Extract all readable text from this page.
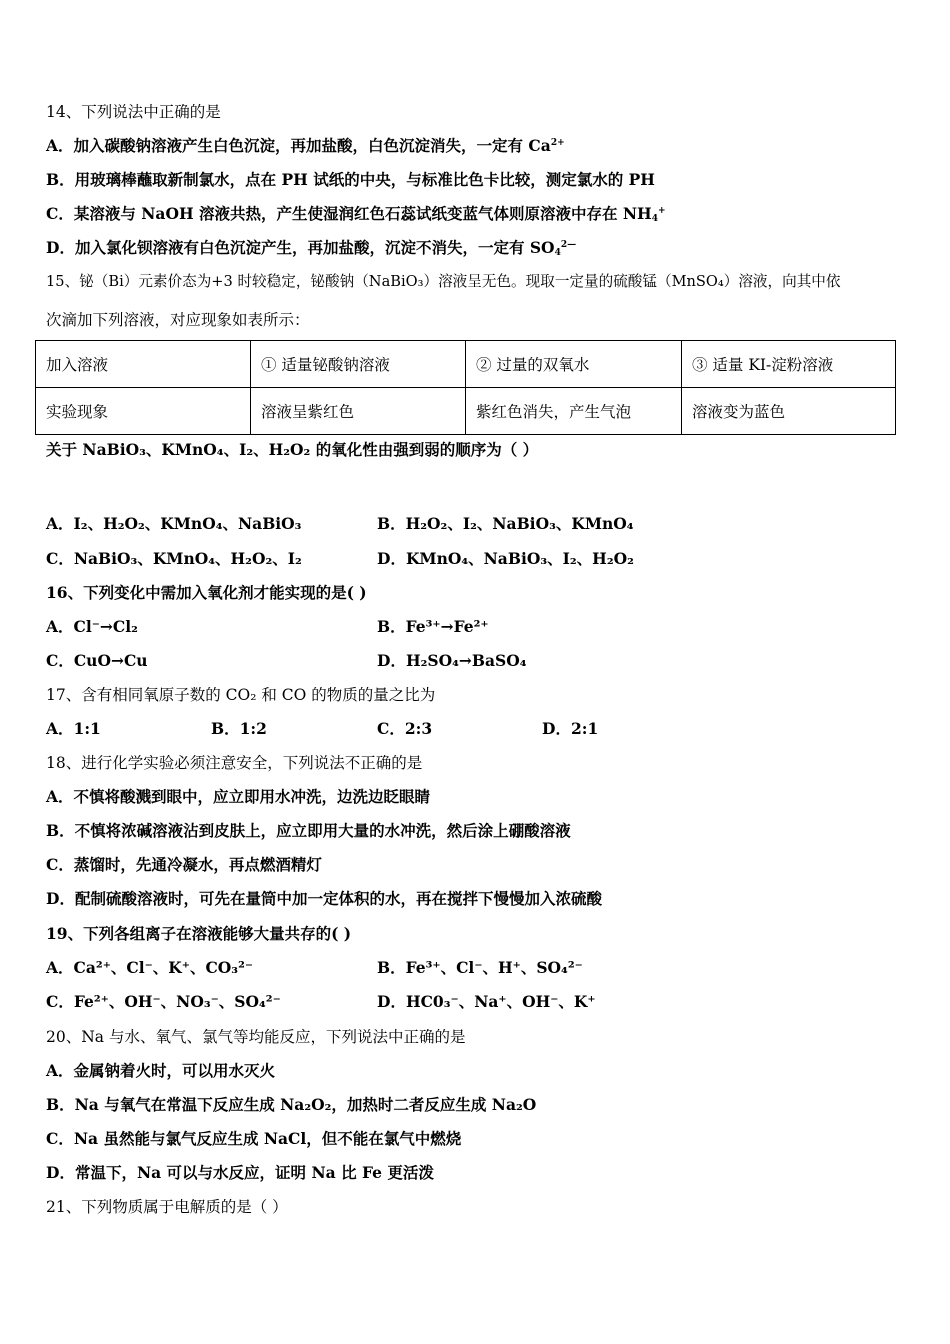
14、下列说法中正确的是
A．加入碳酸钠溶液产生白色沉淀，再加盐酸，白色沉淀消失，一定有 $Ca^{2+}$
B．用玻璃棒蘸取新制氯水，点在 PH 试纸的中央，与标准比色卡比较，测定氯水的 PH
C．某溶液与 NaOH 溶液共热，产生使湿润红色石蕊试纸变蓝气体则原溶液中存在 $NH_4^+$
D．加入氯化钡溶液有白色沉淀产生，再加盐酸，沉淀不消失，一定有 $SO_4^{2—}$
15、铋（Bi）元素价态为+3 时较稳定，铋酸钠（NaBiO₃）溶液呈无色。现取一定量的硫酸锰（MnSO₄）溶液，向其中依
次滴加下列溶液，对应现象如表所示：
加入溶液	① 适量铋酸钠溶液	② 过量的双氧水	③ 适量 KI-淀粉溶液
实验现象	溶液呈紫红色	紫红色消失，产生气泡	溶液变为蓝色
关于 NaBiO₃、KMnO₄、I₂、H₂O₂ 的氧化性由强到弱的顺序为（ ）
A．I₂、H₂O₂、KMnO₄、NaBiO₃	B．H₂O₂、I₂、NaBiO₃、KMnO₄
C．NaBiO₃、KMnO₄、H₂O₂、I₂	D．KMnO₄、NaBiO₃、I₂、H₂O₂
16、下列变化中需加入氧化剂才能实现的是( )
A．Cl⁻→Cl₂	B．Fe³⁺→Fe²⁺
C．CuO→Cu	D．H₂SO₄→BaSO₄
17、含有相同氧原子数的 CO₂ 和 CO 的物质的量之比为
A．1:1	B．1:2	C．2:3	D．2:1
18、进行化学实验必须注意安全，下列说法不正确的是
A．不慎将酸溅到眼中，应立即用水冲洗，边洗边眨眼睛
B．不慎将浓碱溶液沾到皮肤上，应立即用大量的水冲洗，然后涂上硼酸溶液
C．蒸馏时，先通冷凝水，再点燃酒精灯
D．配制硫酸溶液时，可先在量筒中加一定体积的水，再在搅拌下慢慢加入浓硫酸
19、下列各组离子在溶液能够大量共存的( )
A．Ca²⁺、Cl⁻、K⁺、CO₃²⁻	B．Fe³⁺、Cl⁻、H⁺、SO₄²⁻
C．Fe²⁺、OH⁻、NO₃⁻、SO₄²⁻	D．HC0₃⁻、Na⁺、OH⁻、K⁺
20、Na 与水、氧气、氯气等均能反应，下列说法中正确的是
A．金属钠着火时，可以用水灭火
B．Na 与氧气在常温下反应生成 Na₂O₂，加热时二者反应生成 Na₂O
C．Na 虽然能与氯气反应生成 NaCl，但不能在氯气中燃烧
D．常温下，Na 可以与水反应，证明 Na 比 Fe 更活泼
21、下列物质属于电解质的是（ ）
